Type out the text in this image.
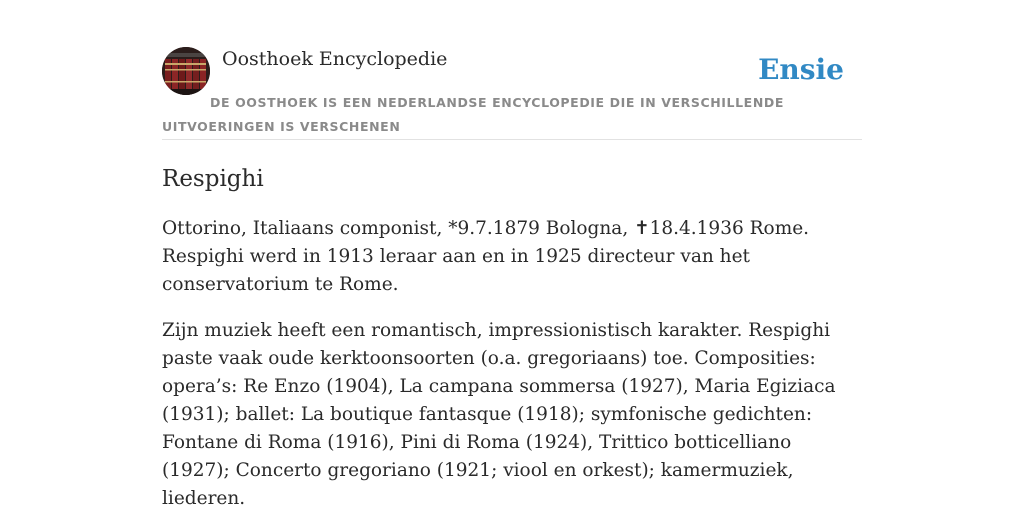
Oosthoek Encyclopedie	Ensie

DE OOSTHOEK IS EEN NEDERLANDSE ENCYCLOPEDIE DIE IN VERSCHILLENDE UITVOERINGEN IS VERSCHENEN

Respighi

Ottorino, Italiaans componist, *9.7.1879 Bologna, ✝18.4.1936 Rome. Respighi werd in 1913 leraar aan en in 1925 directeur van het conservatorium te Rome.

Zijn muziek heeft een romantisch, impressionistisch karakter. Respighi paste vaak oude kerktoonsoorten (o.a. gregoriaans) toe. Composities: opera’s: Re Enzo (1904), La campana sommersa (1927), Maria Egiziaca (1931); ballet: La boutique fantasque (1918); symfonische gedichten: Fontane di Roma (1916), Pini di Roma (1924), Trittico botticelliano (1927); Concerto gregoriano (1921; viool en orkest); kamermuziek, liederen.
